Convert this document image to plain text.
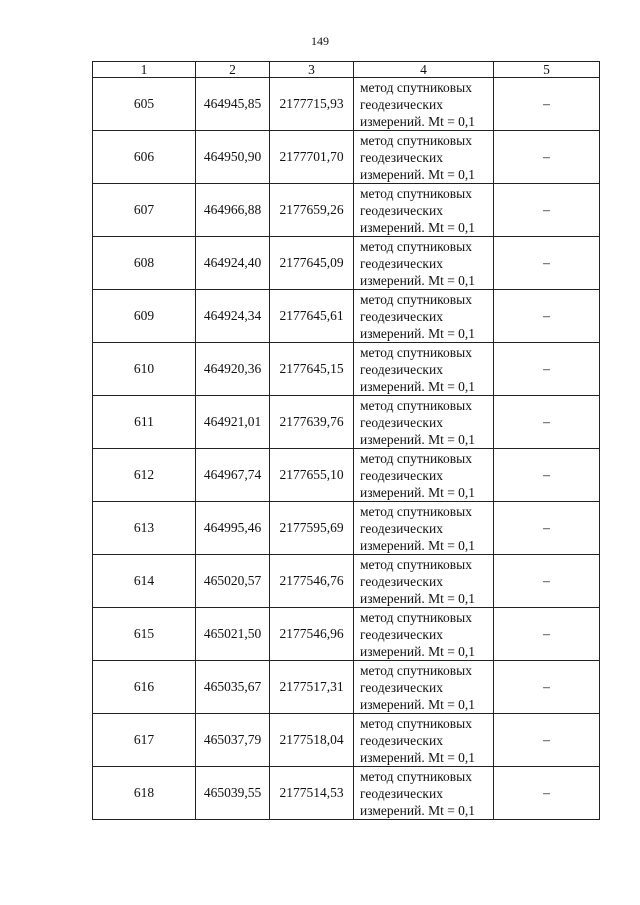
149
1	2	3	4	5
605	464945,85	2177715,93	метод спутниковых
геодезических
измерений. Mt = 0,1	–
606	464950,90	2177701,70	метод спутниковых
геодезических
измерений. Mt = 0,1	–
607	464966,88	2177659,26	метод спутниковых
геодезических
измерений. Mt = 0,1	–
608	464924,40	2177645,09	метод спутниковых
геодезических
измерений. Mt = 0,1	–
609	464924,34	2177645,61	метод спутниковых
геодезических
измерений. Mt = 0,1	–
610	464920,36	2177645,15	метод спутниковых
геодезических
измерений. Mt = 0,1	–
611	464921,01	2177639,76	метод спутниковых
геодезических
измерений. Mt = 0,1	–
612	464967,74	2177655,10	метод спутниковых
геодезических
измерений. Mt = 0,1	–
613	464995,46	2177595,69	метод спутниковых
геодезических
измерений. Mt = 0,1	–
614	465020,57	2177546,76	метод спутниковых
геодезических
измерений. Mt = 0,1	–
615	465021,50	2177546,96	метод спутниковых
геодезических
измерений. Mt = 0,1	–
616	465035,67	2177517,31	метод спутниковых
геодезических
измерений. Mt = 0,1	–
617	465037,79	2177518,04	метод спутниковых
геодезических
измерений. Mt = 0,1	–
618	465039,55	2177514,53	метод спутниковых
геодезических
измерений. Mt = 0,1	–
